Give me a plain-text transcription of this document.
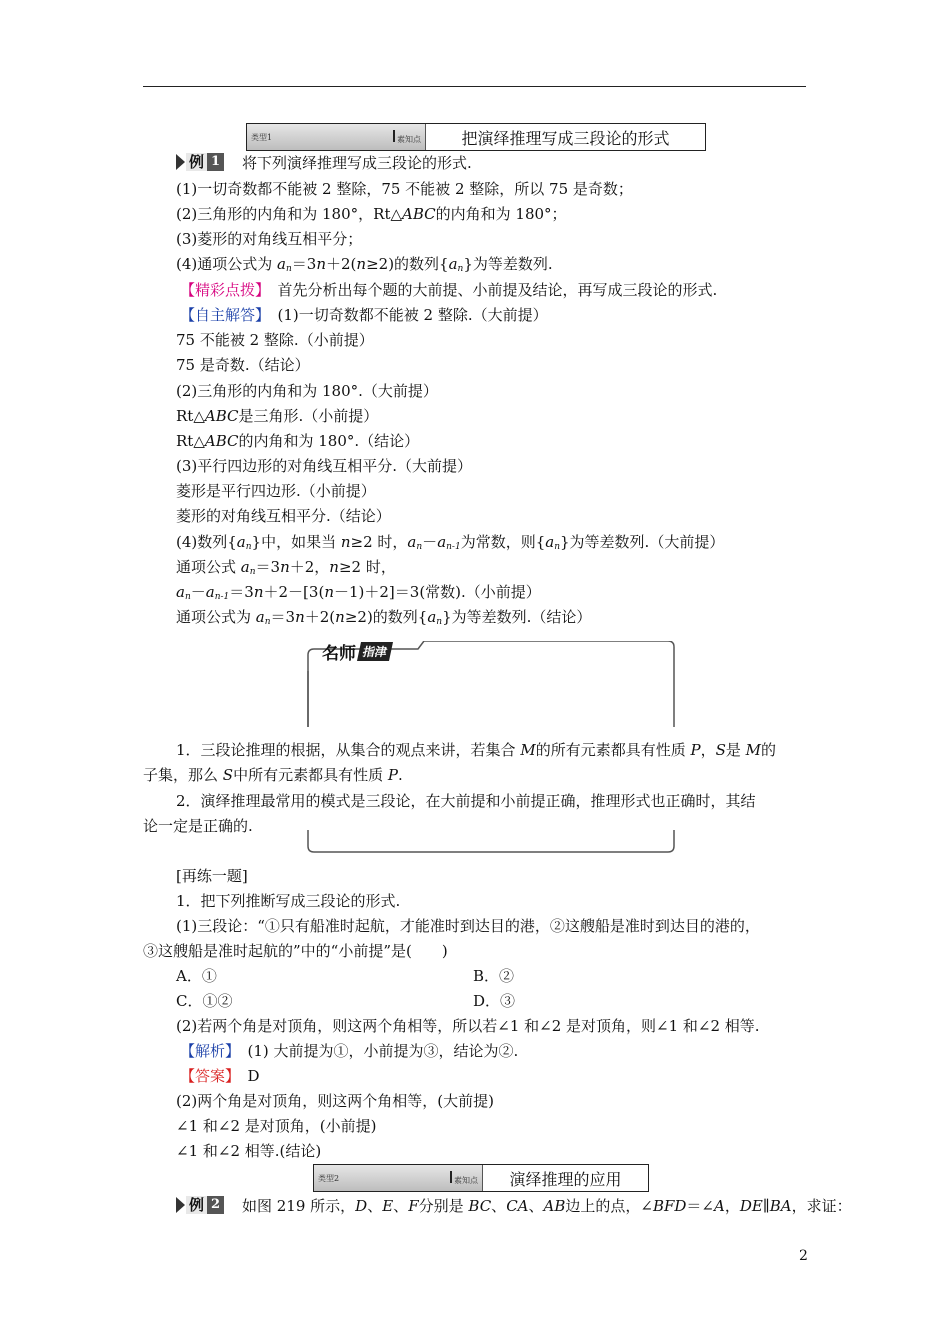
类型1	素知点	把演绎推理写成三段论的形式
例 1 将下列演绎推理写成三段论的形式.
(1)一切奇数都不能被 2 整除，75 不能被 2 整除，所以 75 是奇数；
(2)三角形的内角和为 180°，Rt△ABC的内角和为 180°；
(3)菱形的对角线互相平分；
(4)通项公式为 $a_n=3n+2(n\ge 2)$的数列$\{a_n\}$为等差数列.
【精彩点拨】　 首先分析出每个题的大前提、小前提及结论，再写成三段论的形式.
【自主解答】　 (1)一切奇数都不能被 2 整除.（大前提）
75 不能被 2 整除.（小前提）
75 是奇数.（结论）
(2)三角形的内角和为 180°.（大前提）
Rt△ABC是三角形.（小前提）
Rt△ABC的内角和为 180°.（结论）
(3)平行四边形的对角线互相平分.（大前提）
菱形是平行四边形.（小前提）
菱形的对角线互相平分.（结论）
(4)数列$\{a_n\}$中，如果当 n≥2 时，$a_n-a_{n-1}$为常数，则$\{a_n\}$为等差数列.（大前提）
通项公式 $a_n=3n+2$，n≥2 时，
$a_n-a_{n-1}=3n+2-[3(n-1)+2]=3$(常数).（小前提）
通项公式为 $a_n=3n+2(n\ge 2)$的数列$\{a_n\}$为等差数列.（结论）
名师 指津
1．三段论推理的根据，从集合的观点来讲，若集合 M的所有元素都具有性质 P，S是 M的
子集，那么 S中所有元素都具有性质 P.
2．演绎推理最常用的模式是三段论，在大前提和小前提正确，推理形式也正确时，其结
论一定是正确的.
[再练一题]
1．把下列推断写成三段论的形式.
(1)三段论：“①只有船准时起航，才能准时到达目的港，②这艘船是准时到达目的港的，
③这艘船是准时起航的”中的“小前提”是(　　)
A．①	B．②
C．①②	D．③
(2)若两个角是对顶角，则这两个角相等，所以若∠1 和∠2 是对顶角，则∠1 和∠2 相等.
【解析】　 (1) 大前提为①，小前提为③，结论为②.
【答案】　 D
(2)两个角是对顶角，则这两个角相等，(大前提)
∠1 和∠2 是对顶角，(小前提)
∠1 和∠2 相等.(结论)
类型2	素知点	演绎推理的应用
例 2 如图 219 所示，D、E、F分别是 BC、CA、AB边上的点，∠BFD＝∠A，DE∥BA，求证：
2
